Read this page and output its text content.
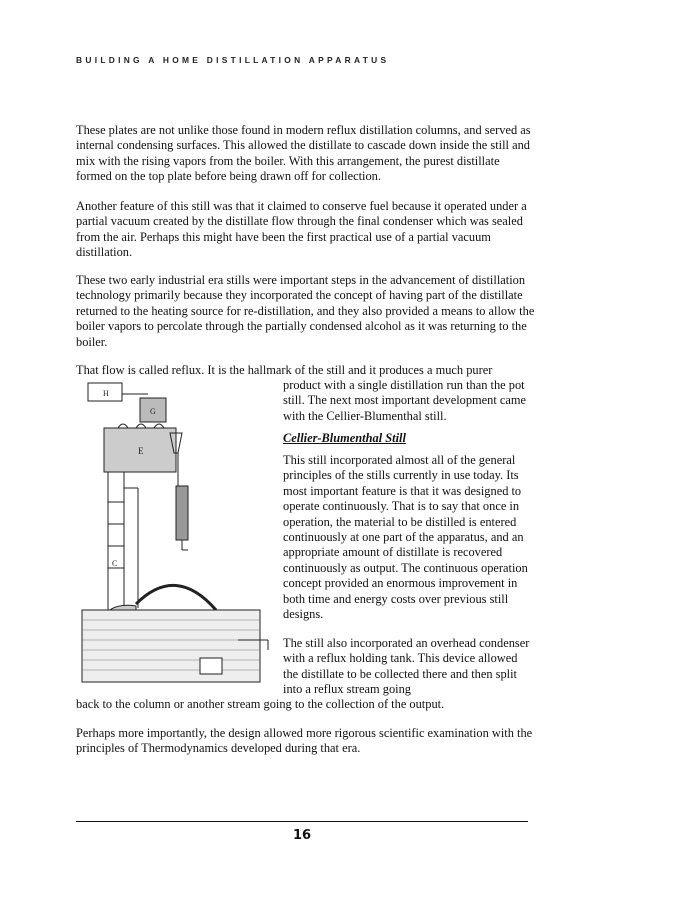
BUILDING A HOME DISTILLATION APPARATUS

These plates are not unlike those found in modern reflux distillation columns, and served as internal condensing surfaces. This allowed the distillate to cascade down inside the still and mix with the rising vapors from the boiler. With this arrangement, the purest distillate formed on the top plate before being drawn off for collection.

Another feature of this still was that it claimed to conserve fuel because it operated under a partial vacuum created by the distillate flow through the final condenser which was sealed from the air. Perhaps this might have been the first practical use of a partial vacuum distillation.

These two early industrial era stills were important steps in the advancement of distillation technology primarily because they incorporated the concept of having part of the distillate returned to the heating source for re-distillation, and they also provided a means to allow the boiler vapors to percolate through the partially condensed alcohol as it was returning to the boiler.

That flow is called reflux. It is the hallmark of the still and it produces a much purer

product with a single distillation run than the pot still. The next most important development came with the Cellier-Blumenthal still.

Cellier-Blumenthal Still

This still incorporated almost all of the general principles of the stills currently in use today. Its most important feature is that it was designed to operate continuously. That is to say that once in operation, the material to be distilled is entered continuously at one part of the apparatus, and an appropriate amount of distillate is recovered continuously as output. The continuous operation concept provided an enormous improvement in both time and energy costs over previous still designs.

The still also incorporated an overhead condenser with a reflux holding tank. This device allowed the distillate to be collected there and then split into a reflux stream going

back to the column or another stream going to the collection of the output.

Perhaps more importantly, the design allowed more rigorous scientific examination with the principles of Thermodynamics developed during that era.

H
G
E
C
16
